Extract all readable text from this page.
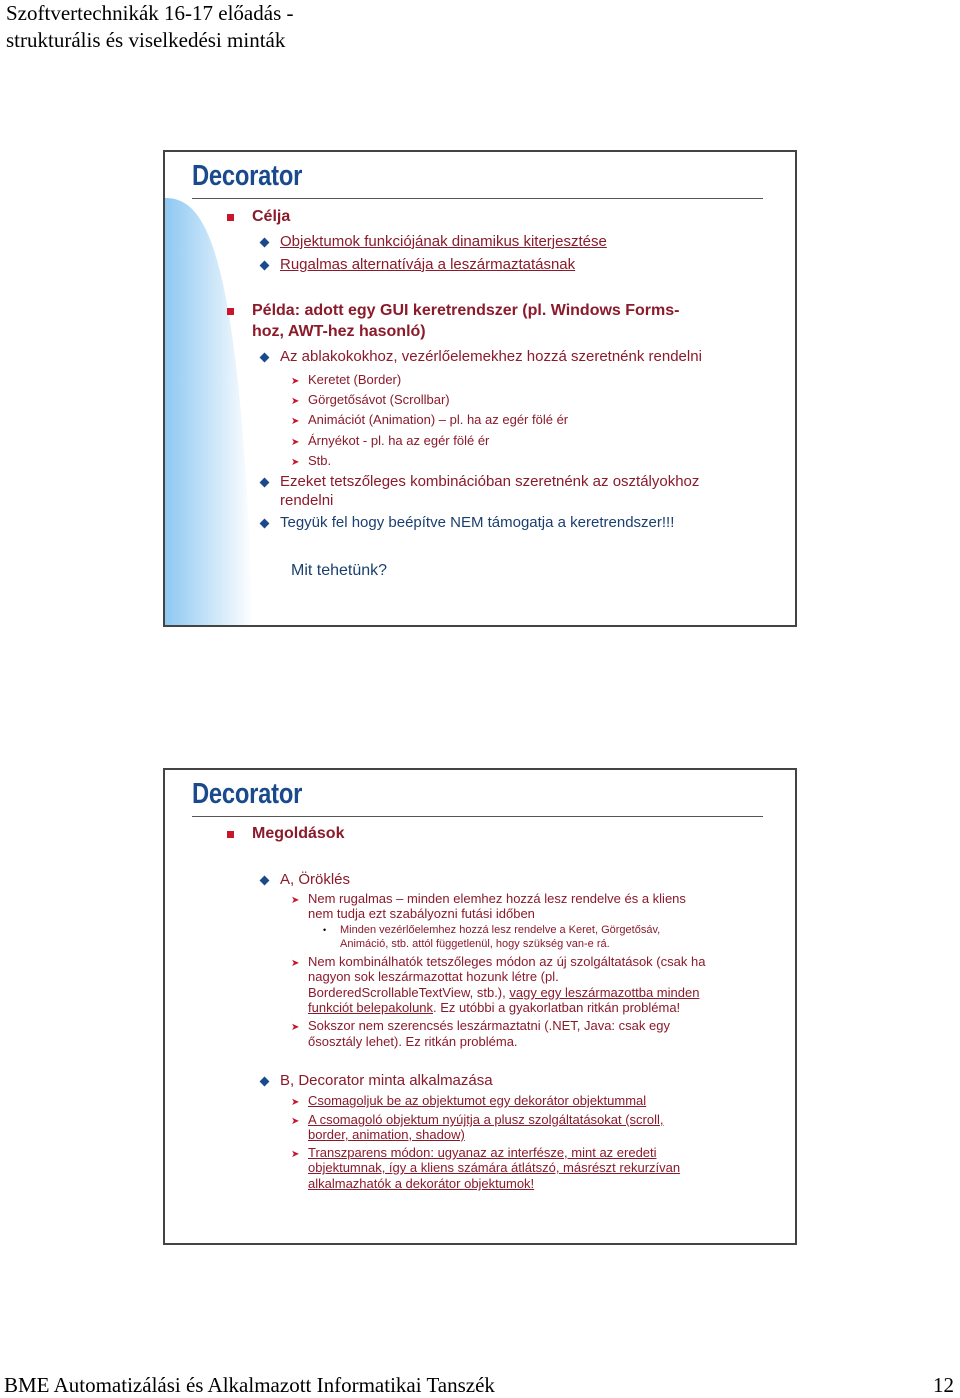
Szoftvertechnikák 16-17 előadás -
strukturális és viselkedési minták
Decorator
Célja
Objektumok funkciójának dinamikus kiterjesztése
Rugalmas alternatívája a leszármaztatásnak
Példa: adott egy GUI keretrendszer (pl. Windows Forms-
hoz, AWT-hez hasonló)
Az ablakokokhoz, vezérlőelemekhez hozzá szeretnénk rendelni
➤ Keretet (Border)
➤ Görgetősávot (Scrollbar)
➤ Animációt (Animation) – pl. ha az egér fölé ér
➤ Árnyékot - pl. ha az egér fölé ér
➤ Stb.
Ezeket tetszőleges kombinációban szeretnénk az osztályokhoz
rendelni
Tegyük fel hogy beépítve NEM támogatja a keretrendszer!!!
Mit tehetünk?
Decorator
Megoldások
A, Öröklés
➤ Nem rugalmas – minden elemhez hozzá lesz rendelve és a kliens
nem tudja ezt szabályozni futási időben
• Minden vezérlőelemhez hozzá lesz rendelve a Keret, Görgetősáv,
Animáció, stb. attól függetlenül, hogy szükség van-e rá.
➤ Nem kombinálhatók tetszőleges módon az új szolgáltatások (csak ha
nagyon sok leszármazottat hozunk létre (pl.
BorderedScrollableTextView, stb.), vagy egy leszármazottba minden
funkciót belepakolunk. Ez utóbbi a gyakorlatban ritkán probléma!
➤ Sokszor nem szerencsés leszármaztatni (.NET, Java: csak egy
ősosztály lehet). Ez ritkán probléma.
B, Decorator minta alkalmazása
➤ Csomagoljuk be az objektumot egy dekorátor objektummal
➤ A csomagoló objektum nyújtja a plusz szolgáltatásokat (scroll,
border, animation, shadow)
➤ Transzparens módon: ugyanaz az interfésze, mint az eredeti
objektumnak, így a kliens számára átlátszó, másrészt rekurzívan
alkalmazhatók a dekorátor objektumok!
BME Automatizálási és Alkalmazott Informatikai Tanszék	12
